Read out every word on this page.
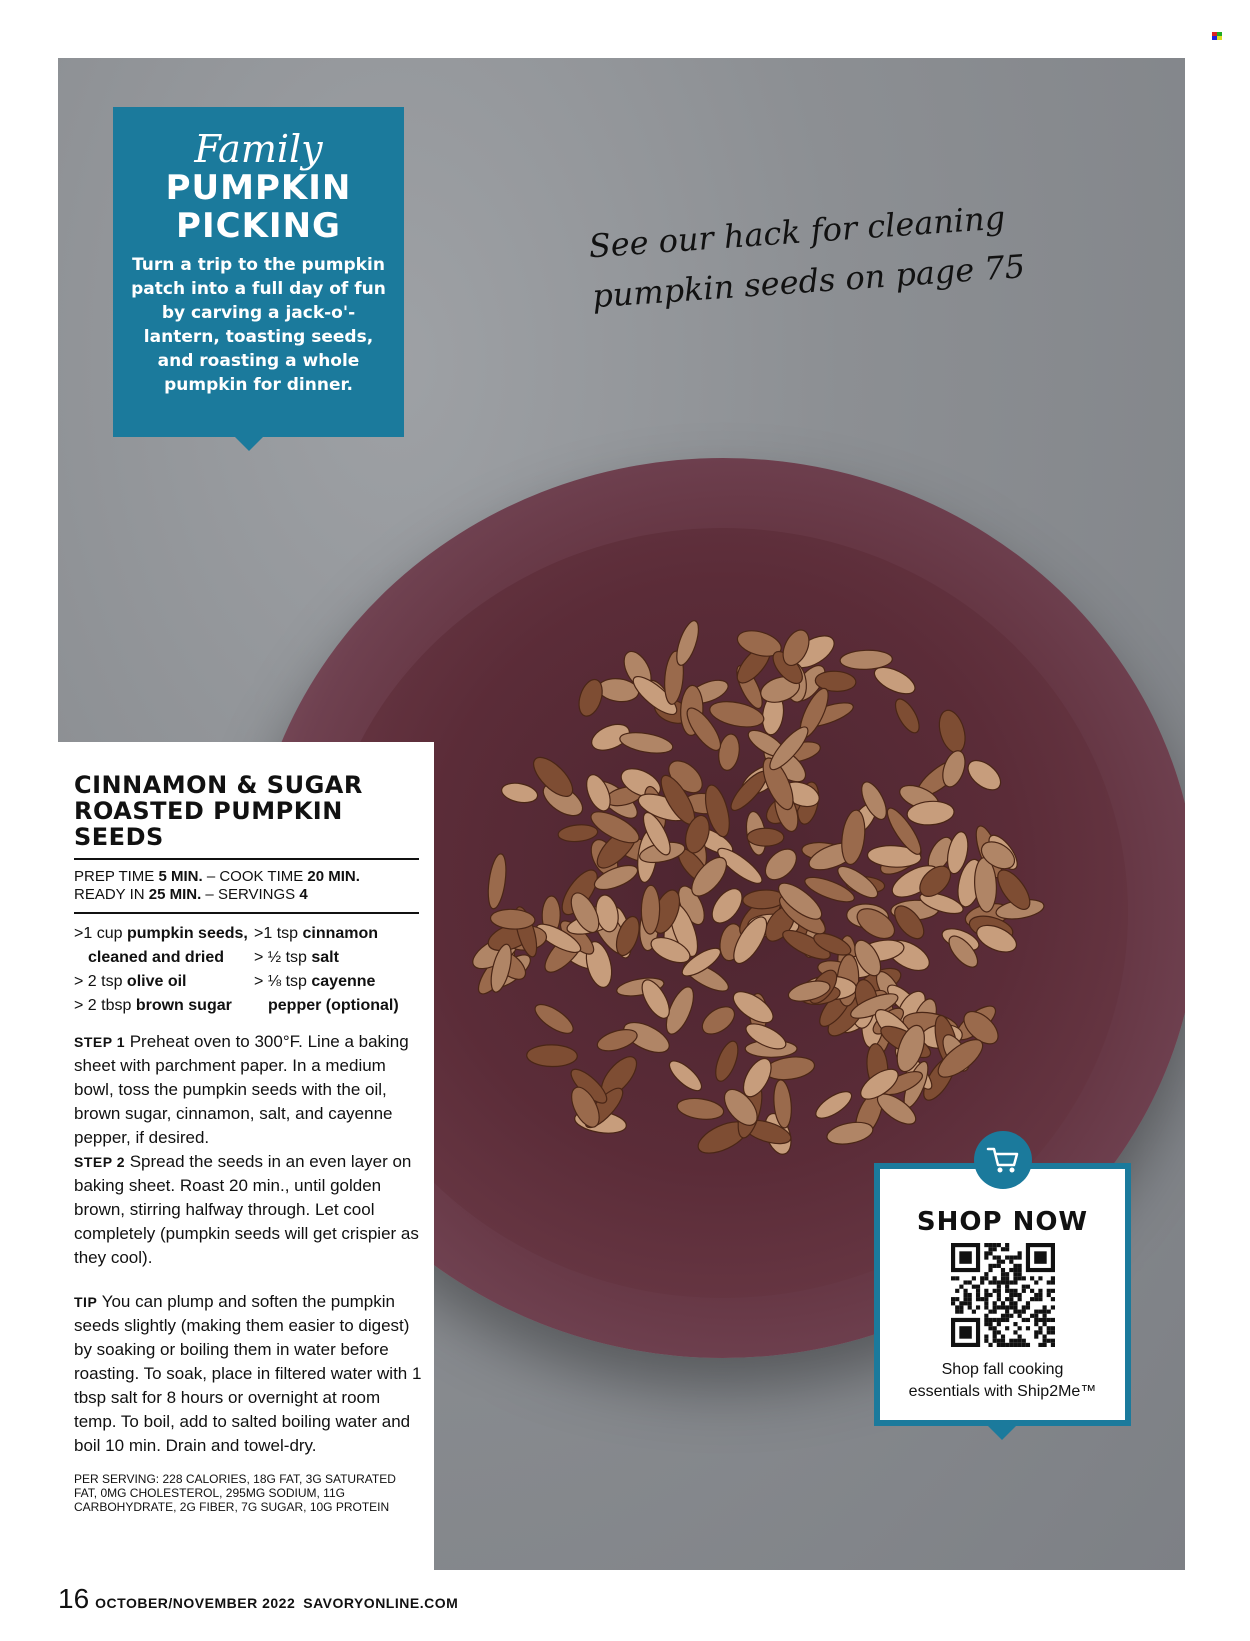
Family
PUMPKIN
PICKING
Turn a trip to the pumpkin patch into a full day of fun by carving a jack-o'-lantern, toasting seeds, and roasting a whole pumpkin for dinner.
See our hack for cleaning
pumpkin seeds on page 75
CINNAMON & SUGAR
ROASTED PUMPKIN SEEDS
PREP TIME 5 MIN. – COOK TIME 20 MIN.
READY IN 25 MIN. – SERVINGS 4
>1 cup pumpkin seeds, cleaned and dried
> 2 tsp olive oil
> 2 tbsp brown sugar
>1 tsp cinnamon
> ½ tsp salt
> ⅛ tsp cayenne pepper (optional)
STEP 1 Preheat oven to 300°F. Line a baking sheet with parchment paper. In a medium bowl, toss the pumpkin seeds with the oil, brown sugar, cinnamon, salt, and cayenne pepper, if desired.
STEP 2 Spread the seeds in an even layer on baking sheet. Roast 20 min., until golden brown, stirring halfway through. Let cool completely (pumpkin seeds will get crispier as they cool).
TIP You can plump and soften the pumpkin seeds slightly (making them easier to digest) by soaking or boiling them in water before roasting. To soak, place in filtered water with 1 tbsp salt for 8 hours or overnight at room temp. To boil, add to salted boiling water and boil 10 min. Drain and towel-dry.
PER SERVING: 228 CALORIES, 18G FAT, 3G SATURATED FAT, 0MG CHOLESTEROL, 295MG SODIUM, 11G CARBOHYDRATE, 2G FIBER, 7G SUGAR, 10G PROTEIN
SHOP NOW
Shop fall cooking
essentials with Ship2Me™
16 OCTOBER/NOVEMBER 2022 SAVORYONLINE.COM
